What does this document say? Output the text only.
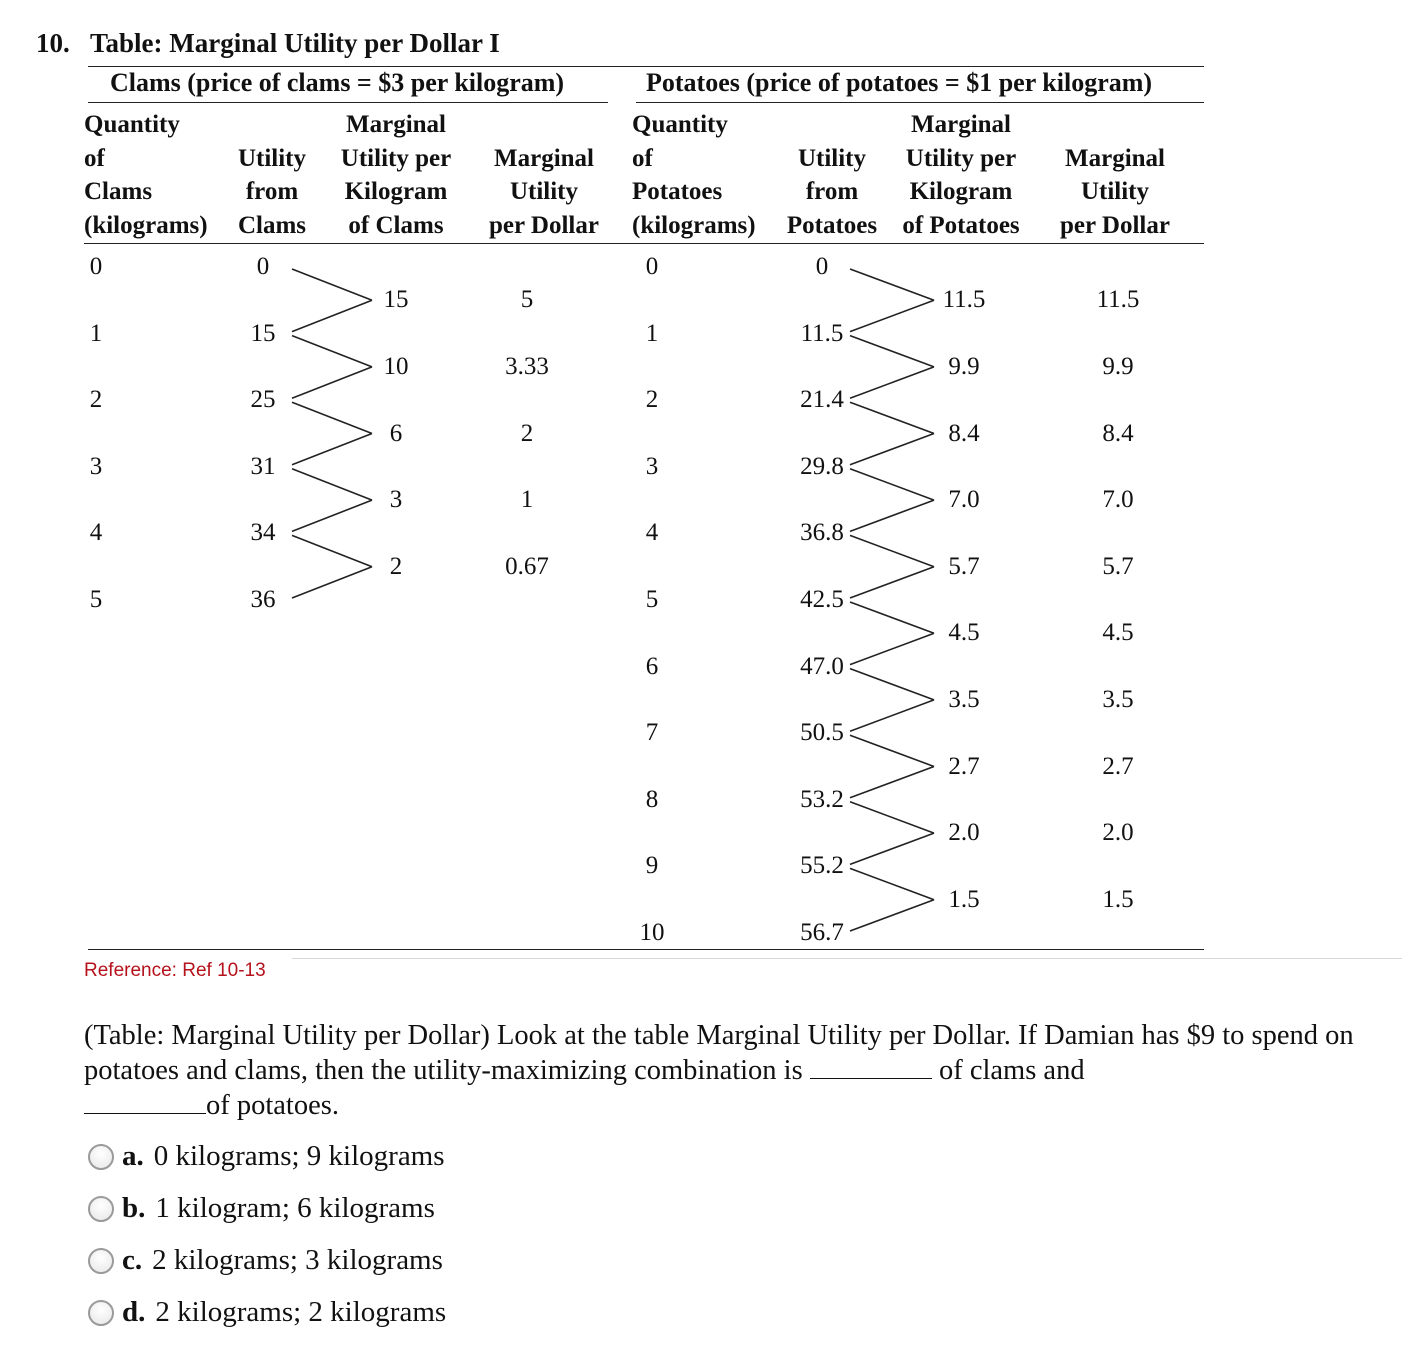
10. Table: Marginal Utility per Dollar I
Clams (price of clams = $3 per kilogram)	Potatoes (price of potatoes = $1 per kilogram)
Quantity
of
Clams
(kilograms)
Utility
from
Clams
Marginal
Utility per
Kilogram
of Clams
Marginal
Utility
per Dollar
Quantity
of
Potatoes
(kilograms)
Utility
from
Potatoes
Marginal
Utility per
Kilogram
of Potatoes
Marginal
Utility
per Dollar
0
1
2
3
4
5
0
15
25
31
34
36
15
10
6
3
2
5
3.33
2
1
0.67
0
1
2
3
4
5
6
7
8
9
10
0
11.5
21.4
29.8
36.8
42.5
47.0
50.5
53.2
55.2
56.7
11.5
9.9
8.4
7.0
5.7
4.5
3.5
2.7
2.0
1.5
11.5
9.9
8.4
7.0
5.7
4.5
3.5
2.7
2.0
1.5
Reference: Ref 10-13
(Table: Marginal Utility per Dollar) Look at the table Marginal Utility per Dollar. If Damian has $9 to spend on potatoes and clams, then the utility-maximizing combination is	of clams and
of potatoes.
a. 0 kilograms; 9 kilograms
b. 1 kilogram; 6 kilograms
c. 2 kilograms; 3 kilograms
d. 2 kilograms; 2 kilograms
